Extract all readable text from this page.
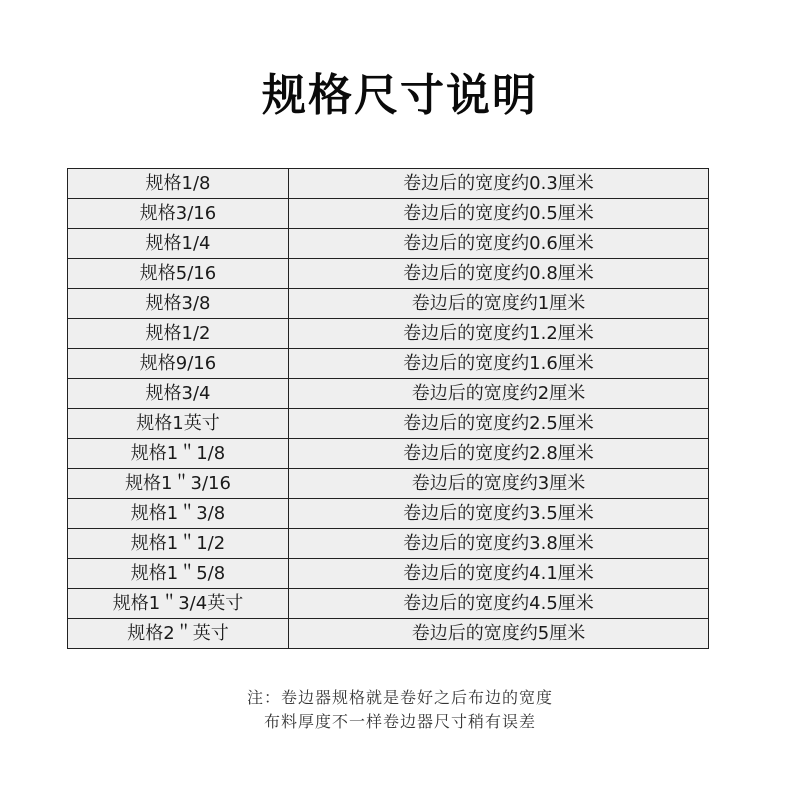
规格尺寸说明
规格1/8	卷边后的宽度约0.3厘米
规格3/16	卷边后的宽度约0.5厘米
规格1/4	卷边后的宽度约0.6厘米
规格5/16	卷边后的宽度约0.8厘米
规格3/8	卷边后的宽度约1厘米
规格1/2	卷边后的宽度约1.2厘米
规格9/16	卷边后的宽度约1.6厘米
规格3/4	卷边后的宽度约2厘米
规格1英寸	卷边后的宽度约2.5厘米
规格1＂1/8	卷边后的宽度约2.8厘米
规格1＂3/16	卷边后的宽度约3厘米
规格1＂3/8	卷边后的宽度约3.5厘米
规格1＂1/2	卷边后的宽度约3.8厘米
规格1＂5/8	卷边后的宽度约4.1厘米
规格1＂3/4英寸	卷边后的宽度约4.5厘米
规格2＂英寸	卷边后的宽度约5厘米
注：卷边器规格就是卷好之后布边的宽度
布料厚度不一样卷边器尺寸稍有误差
